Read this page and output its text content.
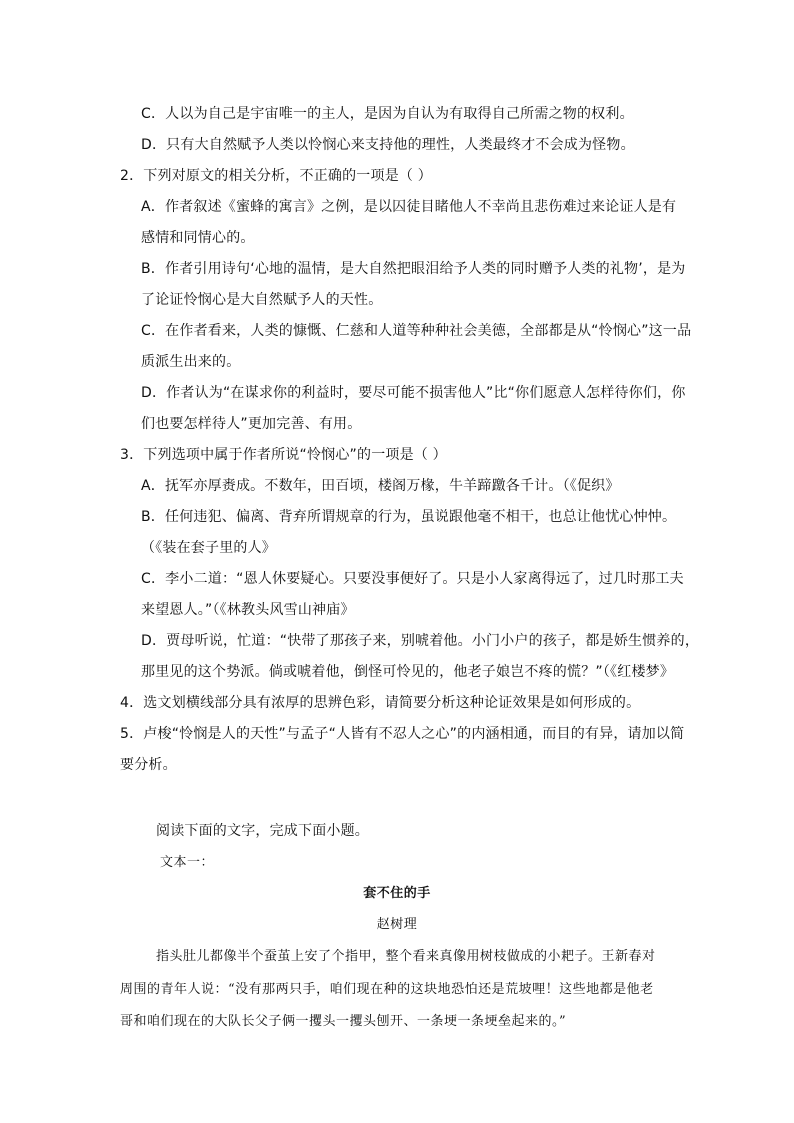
C．人以为自己是宇宙唯一的主人，是因为自认为有取得自己所需之物的权利。
D．只有大自然赋予人类以怜悯心来支持他的理性，人类最终才不会成为怪物。
2．下列对原文的相关分析，不正确的一项是（ ）
A．作者叙述《蜜蜂的寓言》之例，是以囚徒目睹他人不幸尚且悲伤难过来论证人是有
感情和同情心的。
B．作者引用诗句‘心地的温情，是大自然把眼泪给予人类的同时赠予人类的礼物’，是为
了论证怜悯心是大自然赋予人的天性。
C．在作者看来，人类的慷慨、仁慈和人道等种种社会美德，全部都是从“怜悯心”这一品
质派生出来的。
D．作者认为“在谋求你的利益时，要尽可能不损害他人”比“你们愿意人怎样待你们，你
们也要怎样待人”更加完善、有用。
3．下列选项中属于作者所说“怜悯心”的一项是（ ）
A．抚军亦厚赉成。不数年，田百顷，楼阁万椽，牛羊蹄躈各千计。（《促织》
B．任何违犯、偏离、背弃所谓规章的行为，虽说跟他毫不相干，也总让他忧心忡忡。
（《装在套子里的人》
C．李小二道：“恩人休要疑心。只要没事便好了。只是小人家离得远了，过几时那工夫
来望恩人。”（《林教头风雪山神庙》
D．贾母听说，忙道：“快带了那孩子来，别唬着他。小门小户的孩子，都是娇生惯养的，
那里见的这个势派。倘或唬着他，倒怪可怜见的，他老子娘岂不疼的慌？”（《红楼梦》
4．选文划横线部分具有浓厚的思辨色彩，请简要分析这种论证效果是如何形成的。
5．卢梭“怜悯是人的天性”与孟子“人皆有不忍人之心”的内涵相通，而目的有异，请加以简
要分析。
阅读下面的文字，完成下面小题。
文本一：
套不住的手
赵树理
指头肚儿都像半个蚕茧上安了个指甲，整个看来真像用树枝做成的小耙子。王新春对
周围的青年人说：“没有那两只手，咱们现在种的这块地恐怕还是荒坡哩！这些地都是他老
哥和咱们现在的大队长父子俩一攫头一攫头刨开、一条埂一条埂垒起来的。”
